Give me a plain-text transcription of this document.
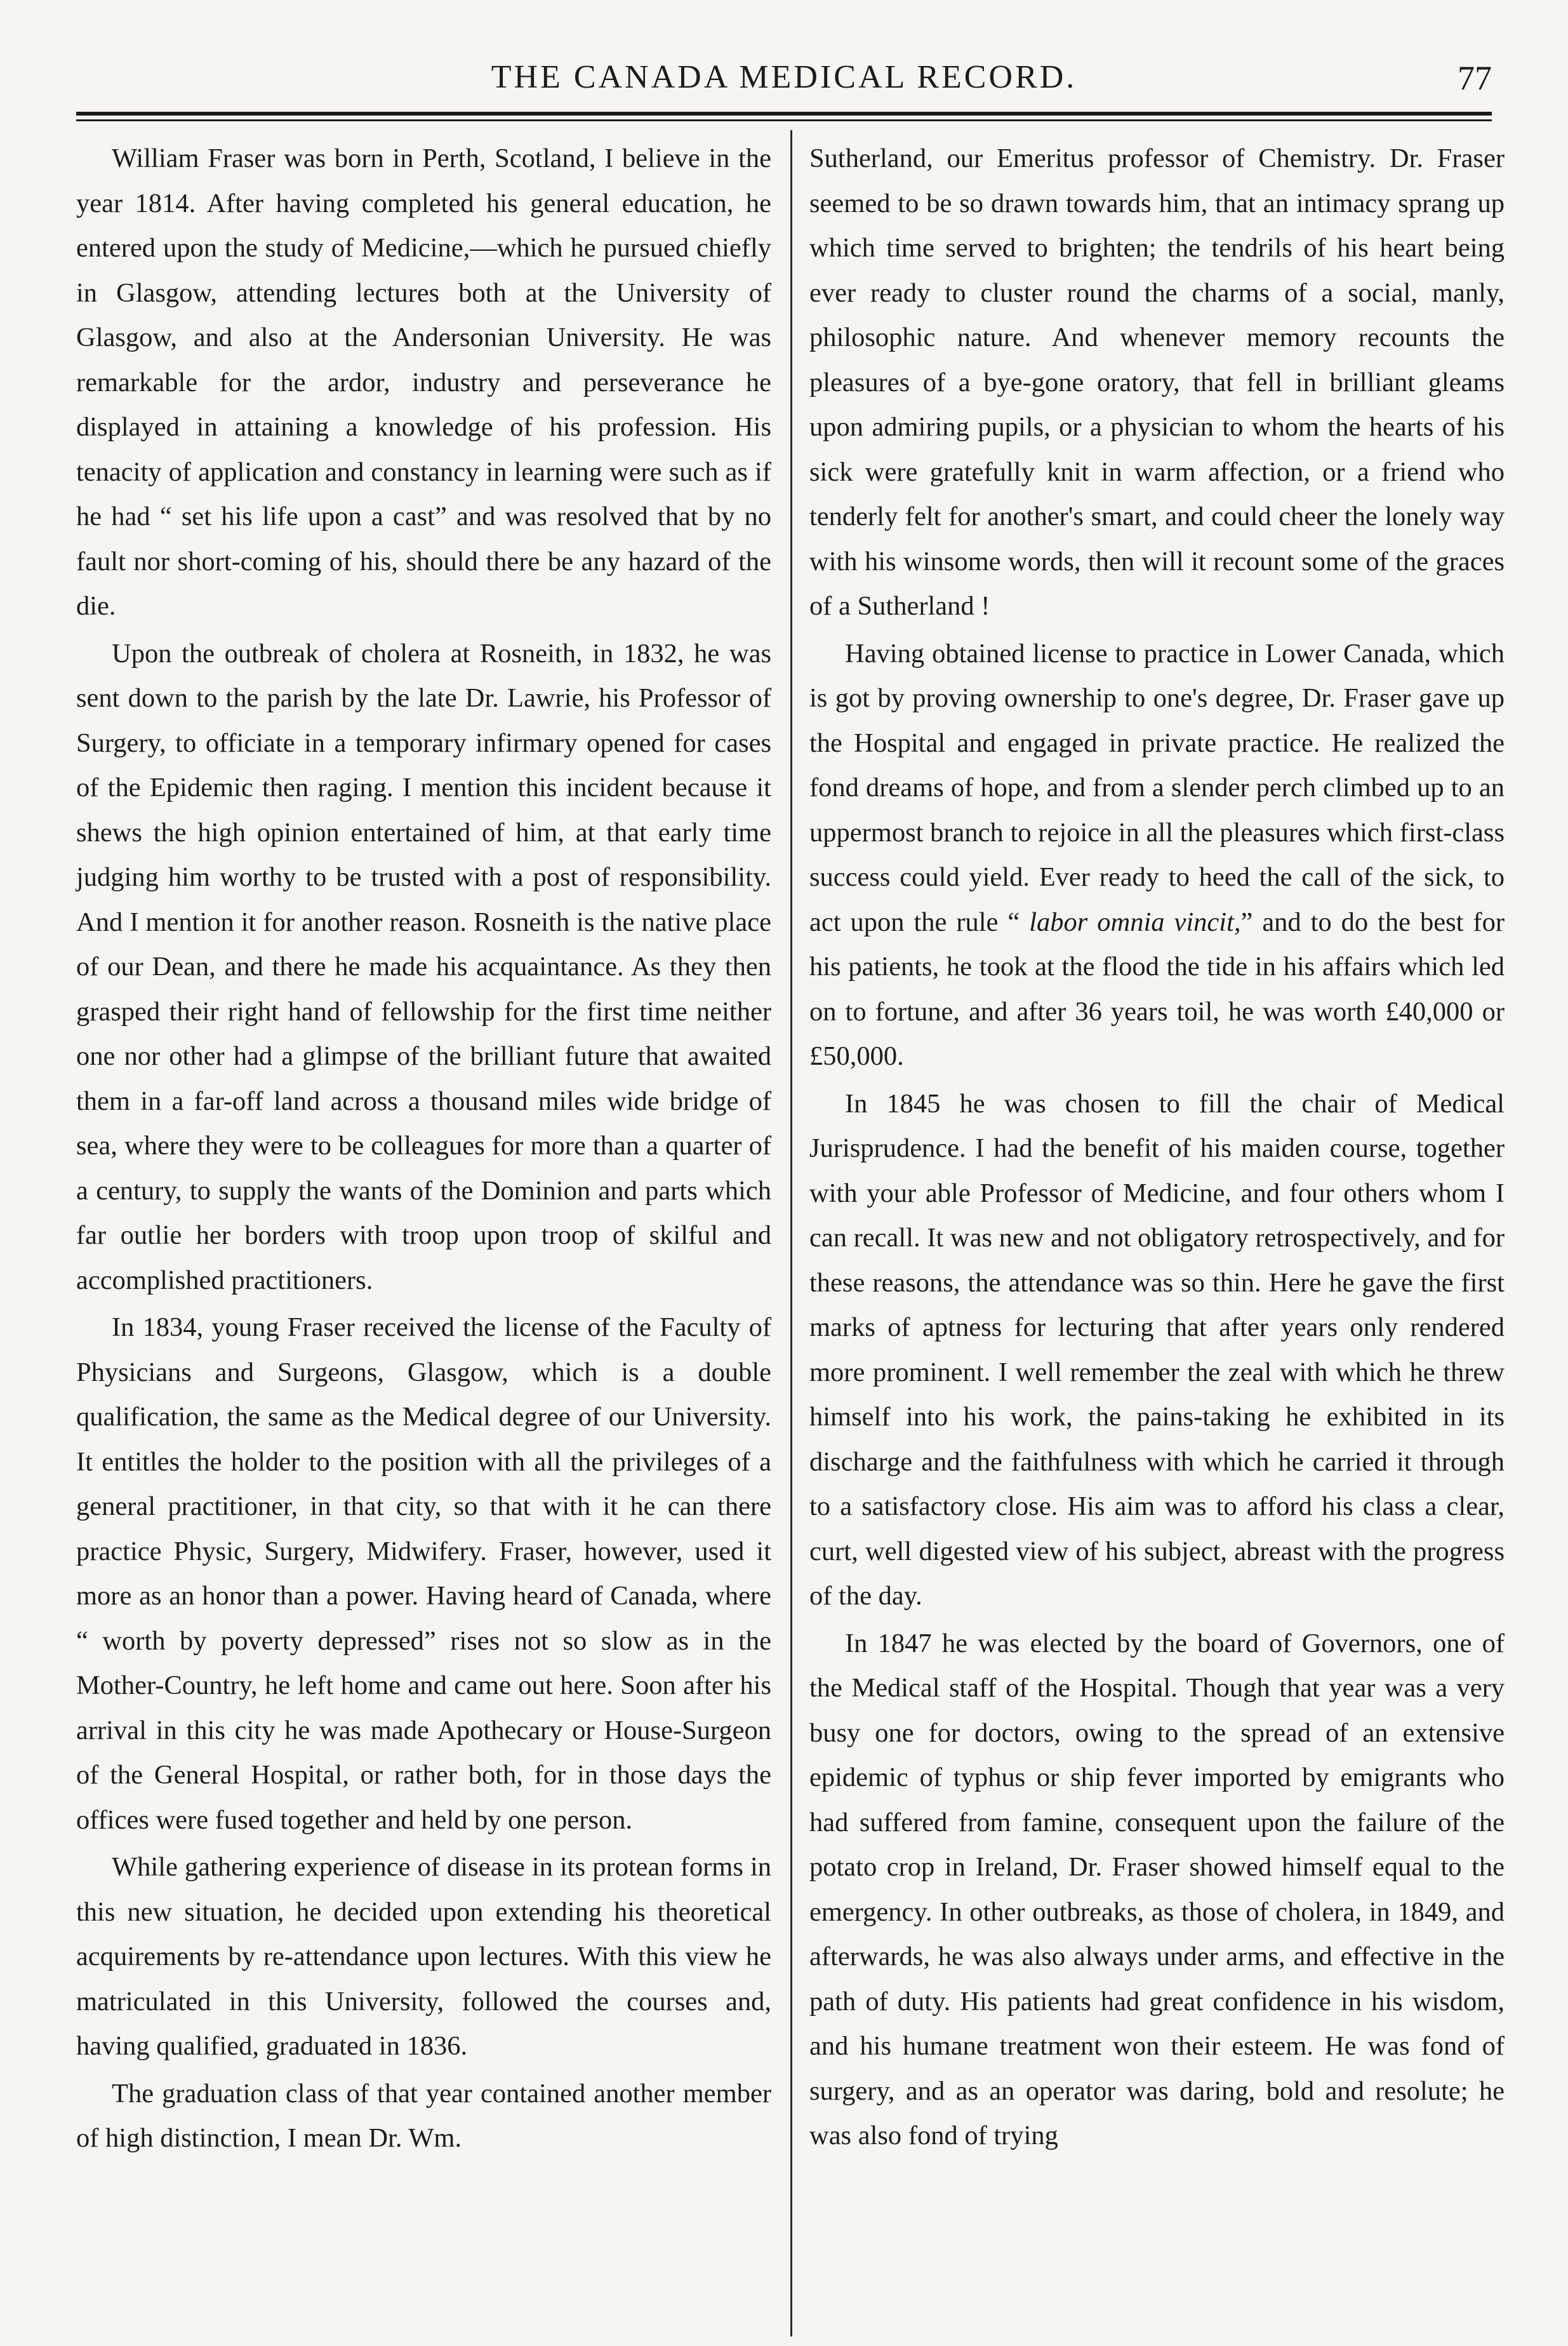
THE CANADA MEDICAL RECORD.	77

William Fraser was born in Perth, Scotland, I believe in the year 1814. After having completed his general education, he entered upon the study of Medicine,—which he pursued chiefly in Glasgow, attending lectures both at the University of Glasgow, and also at the Andersonian University. He was remarkable for the ardor, industry and perseverance he displayed in attaining a knowledge of his profession. His tenacity of application and constancy in learning were such as if he had “ set his life upon a cast” and was resolved that by no fault nor short-coming of his, should there be any hazard of the die.

Upon the outbreak of cholera at Rosneith, in 1832, he was sent down to the parish by the late Dr. Lawrie, his Professor of Surgery, to officiate in a temporary infirmary opened for cases of the Epidemic then raging. I mention this incident because it shews the high opinion entertained of him, at that early time judging him worthy to be trusted with a post of responsibility. And I mention it for another reason. Rosneith is the native place of our Dean, and there he made his acquaintance. As they then grasped their right hand of fellowship for the first time neither one nor other had a glimpse of the brilliant future that awaited them in a far-off land across a thousand miles wide bridge of sea, where they were to be colleagues for more than a quarter of a century, to supply the wants of the Dominion and parts which far outlie her borders with troop upon troop of skilful and accomplished practitioners.

In 1834, young Fraser received the license of the Faculty of Physicians and Surgeons, Glasgow, which is a double qualification, the same as the Medical degree of our University. It entitles the holder to the position with all the privileges of a general practitioner, in that city, so that with it he can there practice Physic, Surgery, Midwifery. Fraser, however, used it more as an honor than a power. Having heard of Canada, where “ worth by poverty depressed” rises not so slow as in the Mother-Country, he left home and came out here. Soon after his arrival in this city he was made Apothecary or House-Surgeon of the General Hospital, or rather both, for in those days the offices were fused together and held by one person.

While gathering experience of disease in its protean forms in this new situation, he decided upon extending his theoretical acquirements by re-attendance upon lectures. With this view he matriculated in this University, followed the courses and, having qualified, graduated in 1836.

The graduation class of that year contained another member of high distinction, I mean Dr. Wm.

Sutherland, our Emeritus professor of Chemistry. Dr. Fraser seemed to be so drawn towards him, that an intimacy sprang up which time served to brighten; the tendrils of his heart being ever ready to cluster round the charms of a social, manly, philosophic nature. And whenever memory recounts the pleasures of a bye-gone oratory, that fell in brilliant gleams upon admiring pupils, or a physician to whom the hearts of his sick were gratefully knit in warm affection, or a friend who tenderly felt for another's smart, and could cheer the lonely way with his winsome words, then will it recount some of the graces of a Sutherland !

Having obtained license to practice in Lower Canada, which is got by proving ownership to one's degree, Dr. Fraser gave up the Hospital and engaged in private practice. He realized the fond dreams of hope, and from a slender perch climbed up to an uppermost branch to rejoice in all the pleasures which first-class success could yield. Ever ready to heed the call of the sick, to act upon the rule “ labor omnia vincit,” and to do the best for his patients, he took at the flood the tide in his affairs which led on to fortune, and after 36 years toil, he was worth £40,000 or £50,000.

In 1845 he was chosen to fill the chair of Medical Jurisprudence. I had the benefit of his maiden course, together with your able Professor of Medicine, and four others whom I can recall. It was new and not obligatory retrospectively, and for these reasons, the attendance was so thin. Here he gave the first marks of aptness for lecturing that after years only rendered more prominent. I well remember the zeal with which he threw himself into his work, the pains-taking he exhibited in its discharge and the faithfulness with which he carried it through to a satisfactory close. His aim was to afford his class a clear, curt, well digested view of his subject, abreast with the progress of the day.

In 1847 he was elected by the board of Governors, one of the Medical staff of the Hospital. Though that year was a very busy one for doctors, owing to the spread of an extensive epidemic of typhus or ship fever imported by emigrants who had suffered from famine, consequent upon the failure of the potato crop in Ireland, Dr. Fraser showed himself equal to the emergency. In other outbreaks, as those of cholera, in 1849, and afterwards, he was also always under arms, and effective in the path of duty. His patients had great confidence in his wisdom, and his humane treatment won their esteem. He was fond of surgery, and as an operator was daring, bold and resolute; he was also fond of trying
